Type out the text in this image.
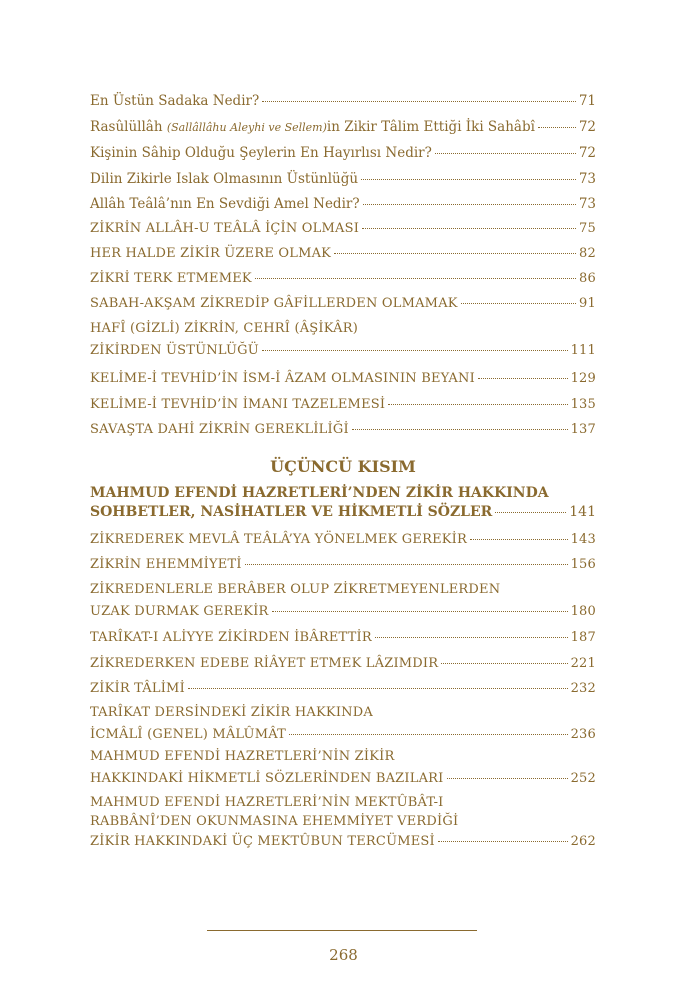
En Üstün Sadaka Nedir?	71
Rasûlüllâh (Sallâllâhu Aleyhi ve Sellem)in Zikir Tâlim Ettiği İki Sahâbî	72
Kişinin Sâhip Olduğu Şeylerin En Hayırlısı Nedir?	72
Dilin Zikirle Islak Olmasının Üstünlüğü	73
Allâh Teâlâ’nın En Sevdiği Amel Nedir?	73
ZİKRİN ALLÂH-U TEÂLÂ İÇİN OLMASI	75
HER HALDE ZİKİR ÜZERE OLMAK	82
ZİKRİ TERK ETMEMEK	86
SABAH-AKŞAM ZİKREDİP GÂFİLLERDEN OLMAMAK	91
HAFÎ (GİZLİ) ZİKRİN, CEHRÎ (ÂŞİKÂR)
ZİKİRDEN ÜSTÜNLÜĞÜ	111
KELİME-İ TEVHİD’İN İSM-İ ÂZAM OLMASININ BEYANI	129
KELİME-İ TEVHİD’İN İMANI TAZELEMESİ	135
SAVAŞTA DAHİ ZİKRİN GEREKLİLİĞİ	137
ÜÇÜNCÜ KISIM
MAHMUD EFENDİ HAZRETLERİ’NDEN ZİKİR HAKKINDA
SOHBETLER, NASİHATLER VE HİKMETLİ SÖZLER	141
ZİKREDEREK MEVLÂ TEÂLÂ’YA YÖNELMEK GEREKİR	143
ZİKRİN EHEMMİYETİ	156
ZİKREDENLERLE BERÂBER OLUP ZİKRETMEYENLERDEN
UZAK DURMAK GEREKİR	180
TARÎKAT-I ALİYYE ZİKİRDEN İBÂRETTİR	187
ZİKREDERKEN EDEBE RİÂYET ETMEK LÂZIMDIR	221
ZİKİR TÂLİMİ	232
TARÎKAT DERSİNDEKİ ZİKİR HAKKINDA
İCMÂLÎ (GENEL) MÂLÛMÂT	236
MAHMUD EFENDİ HAZRETLERİ’NİN ZİKİR
HAKKINDAKİ HİKMETLİ SÖZLERİNDEN BAZILARI	252
MAHMUD EFENDİ HAZRETLERİ’NİN MEKTÛBÂT-I
RABBÂNÎ’DEN OKUNMASINA EHEMMİYET VERDİĞİ
ZİKİR HAKKINDAKİ ÜÇ MEKTÛBUN TERCÜMESİ	262
268
